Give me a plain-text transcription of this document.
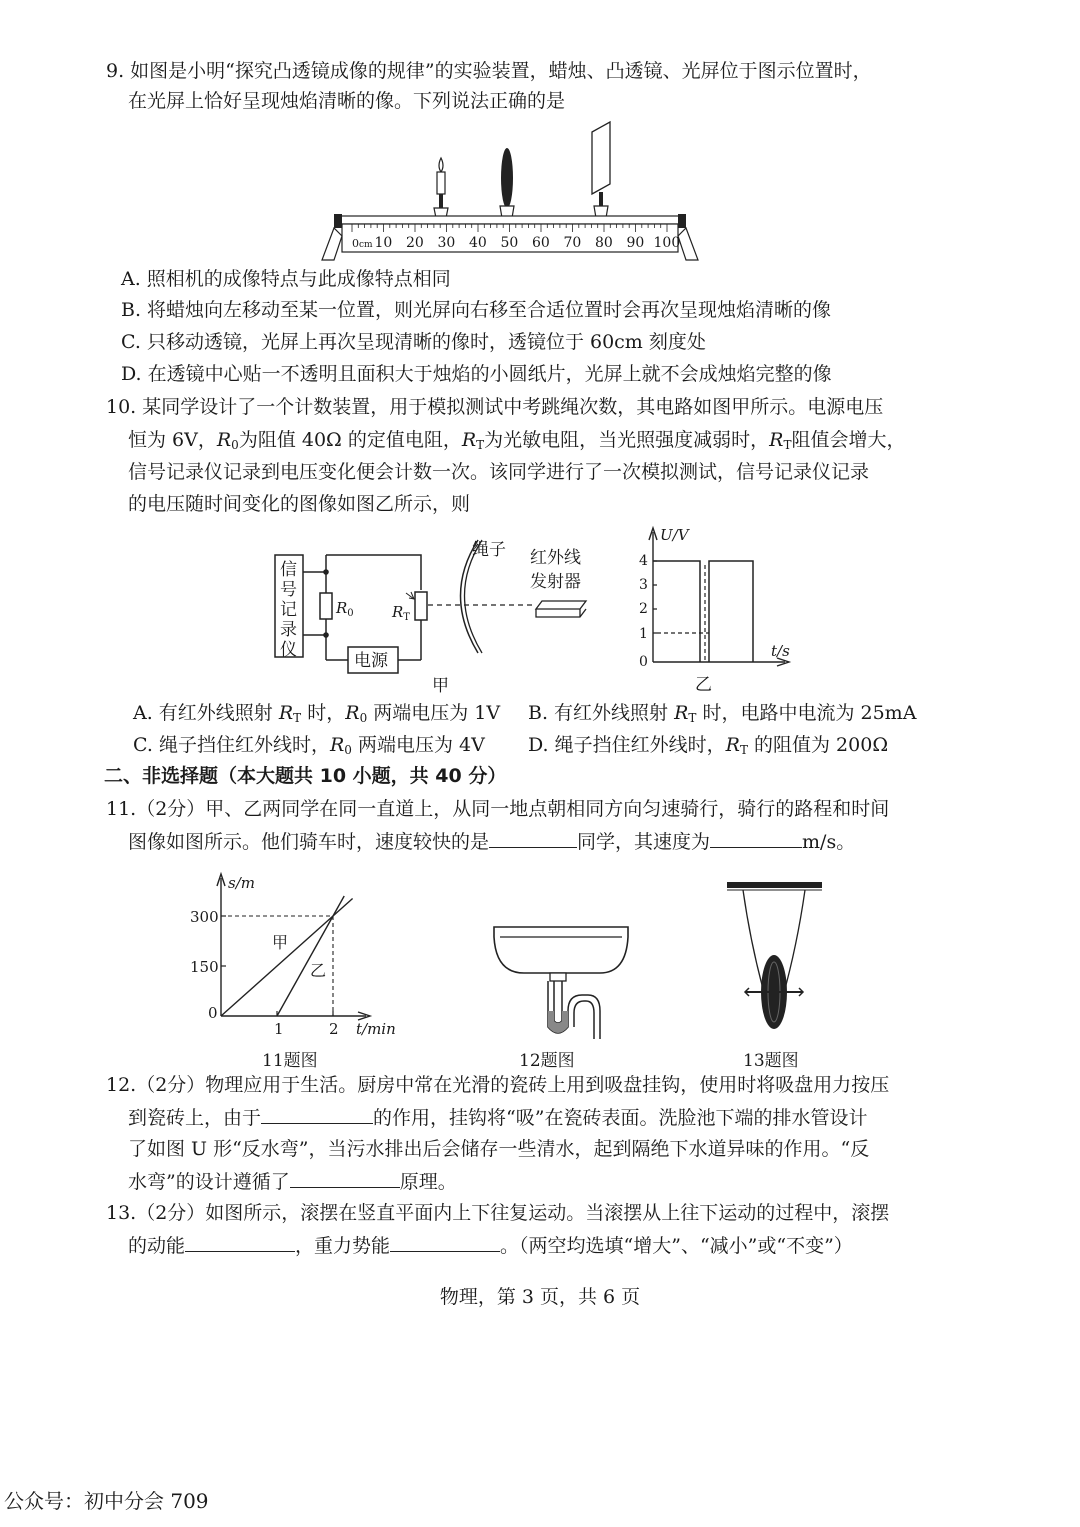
9. 如图是小明“探究凸透镜成像的规律”的实验装置，蜡烛、凸透镜、光屏位于图示位置时，
在光屏上恰好呈现烛焰清晰的像。下列说法正确的是
0 10 20 30 40 50 60 70 80 90 100
cm
A. 照相机的成像特点与此成像特点相同
B. 将蜡烛向左移动至某一位置，则光屏向右移至合适位置时会再次呈现烛焰清晰的像
C. 只移动透镜，光屏上再次呈现清晰的像时，透镜位于 60cm 刻度处
D. 在透镜中心贴一不透明且面积大于烛焰的小圆纸片，光屏上就不会成烛焰完整的像
10. 某同学设计了一个计数装置，用于模拟测试中考跳绳次数，其电路如图甲所示。电源电压
恒为 6V，$R_0$为阻值 40Ω 的定值电阻，$R_T$为光敏电阻，当光照强度减弱时，$R_T$阻值会增大，
信号记录仪记录到电压变化便会计数一次。该同学进行了一次模拟测试，信号记录仪记录
的电压随时间变化的图像如图乙所示，则
信
号
记
录
仪
$R_0$	$R_T$
电源
绳子 红外线
发射器
甲
U/V
t/s
0
1
2
3
4
乙
A. 有红外线照射 $R_T$ 时，$R_0$ 两端电压为 1V B. 有红外线照射 $R_T$ 时，电路中电流为 25mA
C. 绳子挡住红外线时，$R_0$ 两端电压为 4V D. 绳子挡住红外线时，$R_T$ 的阻值为 200Ω
二、非选择题（本大题共 10 小题，共 40 分）
11.（2分）甲、乙两同学在同一直道上，从同一地点朝相同方向匀速骑行，骑行的路程和时间
图像如图所示。他们骑车时，速度较快的是	同学，其速度为	m/s。
s/m
t/min
300
150
0
1	2
甲
乙
11题图	12题图	13题图
12.（2分）物理应用于生活。厨房中常在光滑的瓷砖上用到吸盘挂钩，使用时将吸盘用力按压
到瓷砖上，由于	的作用，挂钩将“吸”在瓷砖表面。洗脸池下端的排水管设计
了如图 U 形“反水弯”，当污水排出后会储存一些清水，起到隔绝下水道异味的作用。“反
水弯”的设计遵循了	原理。
13.（2分）如图所示，滚摆在竖直平面内上下往复运动。当滚摆从上往下运动的过程中，滚摆
的动能	，重力势能	。（两空均选填“增大”、“减小”或“不变”）
物理，第 3 页，共 6 页
公众号：初中分会 709
